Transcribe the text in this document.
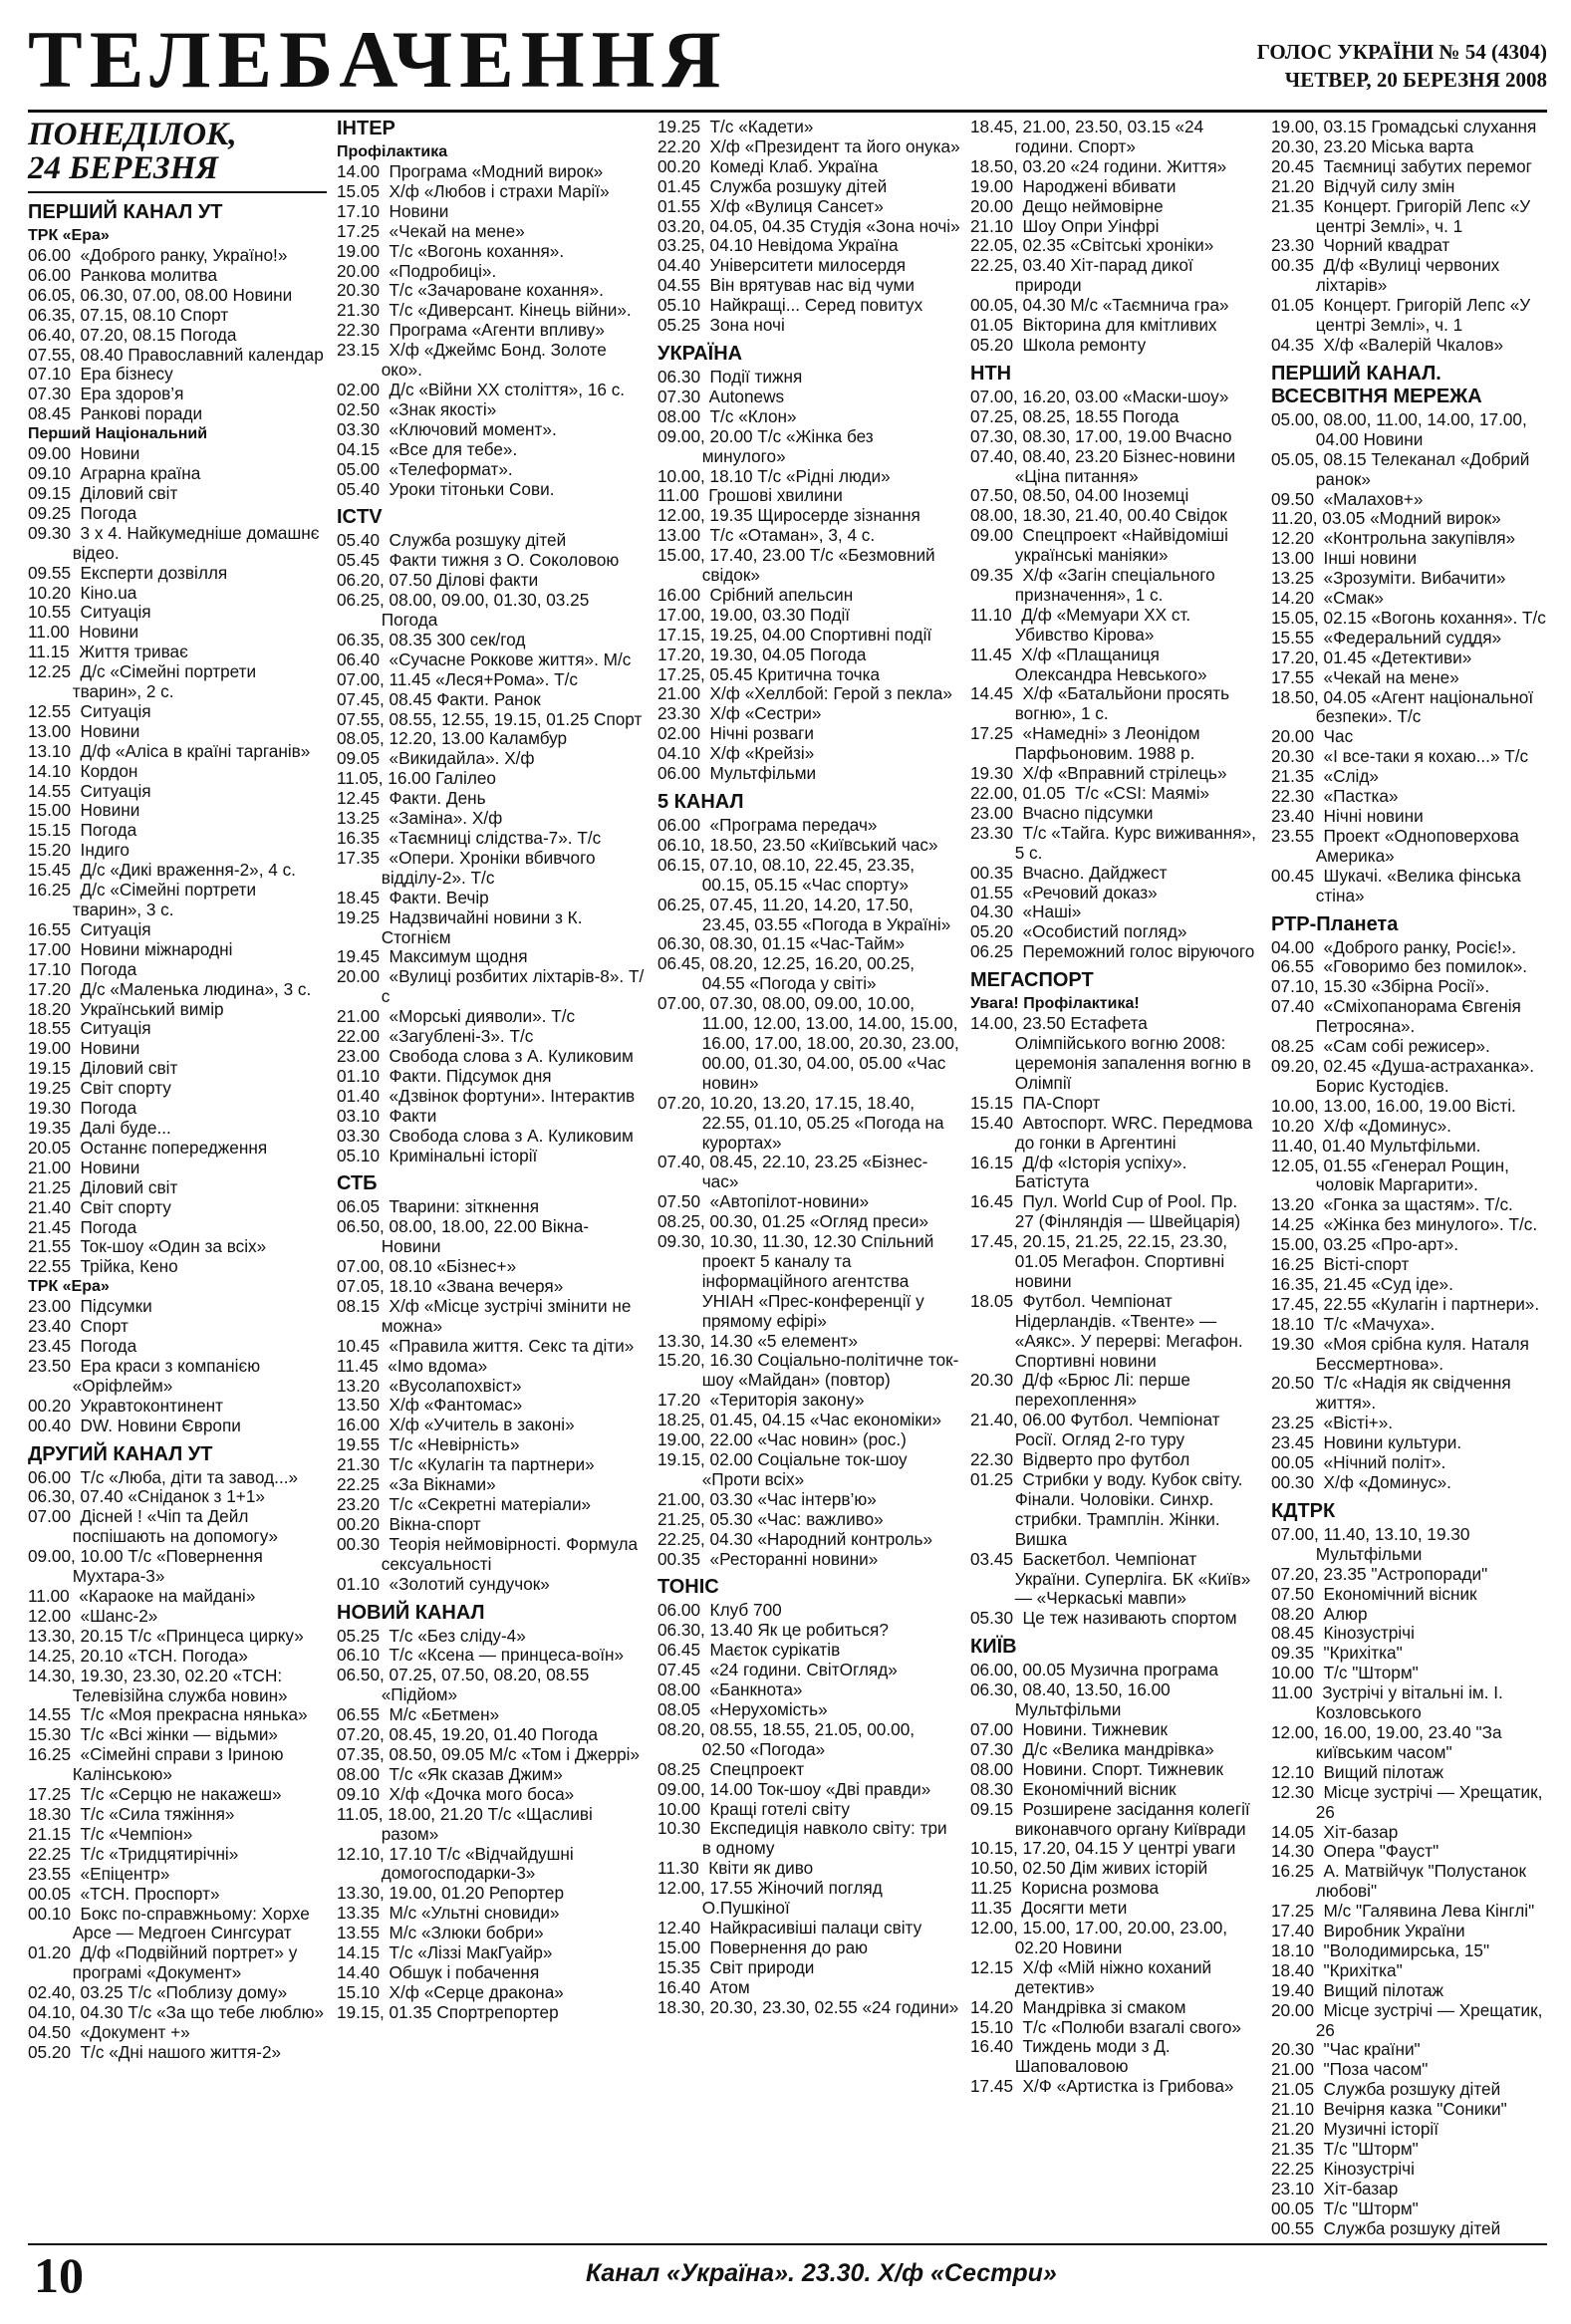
ТЕЛЕБАЧЕННЯ	ГОЛОС УКРАЇНИ № 54 (4304)
ЧЕТВЕР, 20 БЕРЕЗНЯ 2008
ПОНЕДІЛОК,
24 БЕРЕЗНЯ
ПЕРШИЙ КАНАЛ УТ
ТРК «Ера»
06.00  «Доброго ранку, Україно!»
06.00  Ранкова молитва
06.05, 06.30, 07.00, 08.00 Новини
06.35, 07.15, 08.10 Спорт
06.40, 07.20, 08.15 Погода
07.55, 08.40 Православний календар
07.10  Ера бізнесу
07.30  Ера здоров’я
08.45  Ранкові поради
Перший Національний
09.00  Новини
09.10  Аграрна країна
09.15  Діловий світ
09.25  Погода
09.30  3 х 4. Найкумедніше домашнє відео.
09.55  Експерти дозвілля
10.20  Кіно.ua
10.55  Ситуація
11.00  Новини
11.15  Життя триває
12.25  Д/с «Сімейні портрети тварин», 2 с.
12.55  Ситуація
13.00  Новини
13.10  Д/ф «Аліса в країні тарганів»
14.10  Кордон
14.55  Ситуація
15.00  Новини
15.15  Погода
15.20  Індиго
15.45  Д/с «Дикі враження-2», 4 с.
16.25  Д/с «Сімейні портрети тварин», 3 с.
16.55  Ситуація
17.00  Новини міжнародні
17.10  Погода
17.20  Д/с «Маленька людина», 3 с.
18.20  Український вимір
18.55  Ситуація
19.00  Новини
19.15  Діловий світ
19.25  Світ спорту
19.30  Погода
19.35  Далі буде...
20.05  Останнє попередження
21.00  Новини
21.25  Діловий світ
21.40  Світ спорту
21.45  Погода
21.55  Ток-шоу «Один за всіх»
22.55  Трійка, Кено
ТРК «Ера»
23.00  Підсумки
23.40  Спорт
23.45  Погода
23.50  Ера краси з компанією «Оріфлейм»
00.20  Укравтоконтинент
00.40  DW. Новини Європи
ДРУГИЙ КАНАЛ УТ
06.00  Т/с «Люба, діти та завод...»
06.30, 07.40 «Сніданок з 1+1»
07.00  Дісней ! «Чіп та Дейл поспішають на допомогу»
09.00, 10.00 Т/с «Повернення Мухтара-3»
11.00  «Караоке на майдані»
12.00  «Шанс-2»
13.30, 20.15 Т/с «Принцеса цирку»
14.25, 20.10 «ТСН. Погода»
14.30, 19.30, 23.30, 02.20 «ТСН: Телевізійна служба новин»
14.55  Т/с «Моя прекрасна нянька»
15.30  Т/с «Всі жінки — відьми»
16.25  «Сімейні справи з Іриною Калінською»
17.25  Т/с «Серцю не накажеш»
18.30  Т/с «Сила тяжіння»
21.15  Т/с «Чемпіон»
22.25  Т/с «Тридцятирічні»
23.55  «Епіцентр»
00.05  «ТСН. Проспорт»
00.10  Бокс по-справжньому: Хорхе Арсе — Медгоен Сингсурат
01.20  Д/ф «Подвійний портрет» у програмі «Документ»
02.40, 03.25 Т/с «Поблизу дому»
04.10, 04.30 Т/с «За що тебе люблю»
04.50  «Документ +»
05.20  Т/с «Дні нашого життя-2»
ІНТЕР
Профілактика
14.00  Програма «Модний вирок»
15.05  Х/ф «Любов і страхи Марії»
17.10  Новини
17.25  «Чекай на мене»
19.00  Т/с «Вогонь кохання».
20.00  «Подробиці».
20.30  Т/с «Зачароване кохання».
21.30  Т/с «Диверсант. Кінець війни».
22.30  Програма «Агенти впливу»
23.15  Х/ф «Джеймс Бонд. Золоте око».
02.00  Д/с «Війни ХХ століття», 16 с.
02.50  «Знак якості»
03.30  «Ключовий момент».
04.15  «Все для тебе».
05.00  «Телеформат».
05.40  Уроки тітоньки Сови.
ICTV
05.40  Служба розшуку дітей
05.45  Факти тижня з О. Соколовою
06.20, 07.50 Ділові факти
06.25, 08.00, 09.00, 01.30, 03.25 Погода
06.35, 08.35 300 сек/год
06.40  «Сучасне Роккове життя». М/с
07.00, 11.45 «Леся+Рома». Т/с
07.45, 08.45 Факти. Ранок
07.55, 08.55, 12.55, 19.15, 01.25 Спорт
08.05, 12.20, 13.00 Каламбур
09.05  «Викидайла». Х/ф
11.05, 16.00 Галілео
12.45  Факти. День
13.25  «Заміна». Х/ф
16.35  «Таємниці слідства-7». Т/с
17.35  «Опери. Хроніки вбивчого відділу-2». Т/с
18.45  Факти. Вечір
19.25  Надзвичайні новини з К. Стогнієм
19.45  Максимум щодня
20.00  «Вулиці розбитих ліхтарів-8». Т/с
21.00  «Морські дияволи». Т/с
22.00  «Загублені-3». Т/с
23.00  Свобода слова з А. Куликовим
01.10  Факти. Підсумок дня
01.40  «Дзвінок фортуни». Інтерактив
03.10  Факти
03.30  Свобода слова з А. Куликовим
05.10  Кримінальні історії
СТБ
06.05  Тварини: зіткнення
06.50, 08.00, 18.00, 22.00 Вікна-Новини
07.00, 08.10 «Бізнес+»
07.05, 18.10 «Звана вечеря»
08.15  Х/ф «Місце зустрічі змінити не можна»
10.45  «Правила життя. Секс та діти»
11.45  «Імо вдома»
13.20  «Вусолапохвіст»
13.50  Х/ф «Фантомас»
16.00  Х/ф «Учитель в законі»
19.55  Т/с «Невірність»
21.30  Т/с «Кулагін та партнери»
22.25  «За Вікнами»
23.20  Т/с «Секретні матеріали»
00.20  Вікна-спорт
00.30  Теорія неймовірності. Формула сексуальності
01.10  «Золотий сундучок»
НОВИЙ КАНАЛ
05.25  Т/с «Без сліду-4»
06.10  Т/с «Ксена — принцеса-воїн»
06.50, 07.25, 07.50, 08.20, 08.55 «Підйом»
06.55  М/с «Бетмен»
07.20, 08.45, 19.20, 01.40 Погода
07.35, 08.50, 09.05 М/с «Том і Джеррі»
08.00  Т/с «Як сказав Джим»
09.10  Х/ф «Дочка мого боса»
11.05, 18.00, 21.20 Т/с «Щасливі разом»
12.10, 17.10 Т/с «Відчайдушні домогосподарки-3»
13.30, 19.00, 01.20 Репортер
13.35  М/с «Ультні сновиди»
13.55  М/с «Злюки бобри»
14.15  Т/с «Ліззі МакГуайр»
14.40  Обшук і побачення
15.10  Х/ф «Серце дракона»
19.15, 01.35 Спортрепортер
19.25  Т/с «Кадети»
22.20  Х/ф «Президент та його онука»
00.20  Комеді Клаб. Україна
01.45  Служба розшуку дітей
01.55  Х/ф «Вулиця Сансет»
03.20, 04.05, 04.35 Студія «Зона ночі»
03.25, 04.10 Невідома Україна
04.40  Університети милосердя
04.55  Він врятував нас від чуми
05.10  Найкращі... Серед повитух
05.25  Зона ночі
УКРАЇНА
06.30  Події тижня
07.30  Autonews
08.00  Т/с «Клон»
09.00, 20.00 Т/с «Жінка без минулого»
10.00, 18.10 Т/с «Рідні люди»
11.00  Грошові хвилини
12.00, 19.35 Щиросерде зізнання
13.00  Т/с «Отаман», 3, 4 с.
15.00, 17.40, 23.00 Т/с «Безмовний свідок»
16.00  Срібний апельсин
17.00, 19.00, 03.30 Події
17.15, 19.25, 04.00 Спортивні події
17.20, 19.30, 04.05 Погода
17.25, 05.45 Критична точка
21.00  Х/ф «Хеллбой: Герой з пекла»
23.30  Х/ф «Сестри»
02.00  Нічні розваги
04.10  Х/ф «Крейзі»
06.00  Мультфільми
5 КАНАЛ
06.00  «Програма передач»
06.10, 18.50, 23.50 «Київський час»
06.15, 07.10, 08.10, 22.45, 23.35, 00.15, 05.15 «Час спорту»
06.25, 07.45, 11.20, 14.20, 17.50, 23.45, 03.55 «Погода в Україні»
06.30, 08.30, 01.15 «Час-Тайм»
06.45, 08.20, 12.25, 16.20, 00.25, 04.55 «Погода у світі»
07.00, 07.30, 08.00, 09.00, 10.00, 11.00, 12.00, 13.00, 14.00, 15.00, 16.00, 17.00, 18.00, 20.30, 23.00, 00.00, 01.30, 04.00, 05.00 «Час новин»
07.20, 10.20, 13.20, 17.15, 18.40, 22.55, 01.10, 05.25 «Погода на курортах»
07.40, 08.45, 22.10, 23.25 «Бізнес-час»
07.50  «Автопілот-новини»
08.25, 00.30, 01.25 «Огляд преси»
09.30, 10.30, 11.30, 12.30 Спільний проект 5 каналу та інформаційного агентства УНІАН «Прес-конференції у прямому ефірі»
13.30, 14.30 «5 елемент»
15.20, 16.30 Соціально-політичне ток-шоу «Майдан» (повтор)
17.20  «Територія закону»
18.25, 01.45, 04.15 «Час економіки»
19.00, 22.00 «Час новин» (рос.)
19.15, 02.00 Соціальне ток-шоу «Проти всіх»
21.00, 03.30 «Час інтерв’ю»
21.25, 05.30 «Час: важливо»
22.25, 04.30 «Народний контроль»
00.35  «Ресторанні новини»
ТОНІС
06.00  Клуб 700
06.30, 13.40 Як це робиться?
06.45  Маєток сурікатів
07.45  «24 години. СвітОгляд»
08.00  «Банкнота»
08.05  «Нерухомість»
08.20, 08.55, 18.55, 21.05, 00.00, 02.50 «Погода»
08.25  Спецпроект
09.00, 14.00 Ток-шоу «Дві правди»
10.00  Кращі готелі світу
10.30  Експедиція навколо світу: три в одному
11.30  Квіти як диво
12.00, 17.55 Жіночий погляд О.Пушкіної
12.40  Найкрасивіші палаци світу
15.00  Повернення до раю
15.35  Світ природи
16.40  Атом
18.30, 20.30, 23.30, 02.55 «24 години»
18.45, 21.00, 23.50, 03.15 «24 години. Спорт»
18.50, 03.20 «24 години. Життя»
19.00  Народжені вбивати
20.00  Дещо неймовірне
21.10  Шоу Опри Уінфрі
22.05, 02.35 «Світські хроніки»
22.25, 03.40 Хіт-парад дикої природи
00.05, 04.30 М/с «Таємнича гра»
01.05  Вікторина для кмітливих
05.20  Школа ремонту
НТН
07.00, 16.20, 03.00 «Маски-шоу»
07.25, 08.25, 18.55 Погода
07.30, 08.30, 17.00, 19.00 Вчасно
07.40, 08.40, 23.20 Бізнес-новини «Ціна питання»
07.50, 08.50, 04.00 Іноземці
08.00, 18.30, 21.40, 00.40 Свідок
09.00  Спецпроект «Найвідоміші українські маніяки»
09.35  Х/ф «Загін спеціального призначення», 1 с.
11.10  Д/ф «Мемуари ХХ ст. Убивство Кірова»
11.45  Х/ф «Плащаниця Олександра Невського»
14.45  Х/ф «Батальйони просять вогню», 1 с.
17.25  «Намедні» з Леонідом Парфьоновим. 1988 р.
19.30  Х/ф «Вправний стрілець»
22.00, 01.05  Т/с «CSI: Маямі»
23.00  Вчасно підсумки
23.30  Т/с «Тайга. Курс виживання», 5 с.
00.35  Вчасно. Дайджест
01.55  «Речовий доказ»
04.30  «Наші»
05.20  «Особистий погляд»
06.25  Переможний голос віруючого
МЕГАСПОРТ
Увага! Профілактика!
14.00, 23.50 Естафета Олімпійського вогню 2008: церемонія запалення вогню в Олімпії
15.15  ПА-Спорт
15.40  Автоспорт. WRC. Передмова до гонки в Аргентині
16.15  Д/ф «Історія успіху». Батістута
16.45  Пул. World Cup of Pool. Пр. 27 (Фінляндія — Швейцарія)
17.45, 20.15, 21.25, 22.15, 23.30, 01.05 Мегафон. Спортивні новини
18.05  Футбол. Чемпіонат Нідерландів. «Твенте» — «Аякс». У перерві: Мегафон. Спортивні новини
20.30  Д/ф «Брюс Лі: перше перехоплення»
21.40, 06.00 Футбол. Чемпіонат Росії. Огляд 2-го туру
22.30  Відверто про футбол
01.25  Стрибки у воду. Кубок світу. Фінали. Чоловіки. Синхр. стрибки. Трамплін. Жінки. Вишка
03.45  Баскетбол. Чемпіонат України. Суперліга. БК «Київ» — «Черкаські мавпи»
05.30  Це теж називають спортом
КИЇВ
06.00, 00.05 Музична програма
06.30, 08.40, 13.50, 16.00 Мультфільми
07.00  Новини. Тижневик
07.30  Д/с «Велика мандрівка»
08.00  Новини. Спорт. Тижневик
08.30  Економічний вісник
09.15  Розширене засідання колегії виконавчого органу Київради
10.15, 17.20, 04.15 У центрі уваги
10.50, 02.50 Дім живих історій
11.25  Корисна розмова
11.35  Досягти мети
12.00, 15.00, 17.00, 20.00, 23.00, 02.20 Новини
12.15  Х/ф «Мій ніжно коханий детектив»
14.20  Мандрівка зі смаком
15.10  Т/с «Полюби взагалі свого»
16.40  Тиждень моди з Д. Шаповаловою
17.45  Х/Ф «Артистка із Грибова»
19.00, 03.15 Громадські слухання
20.30, 23.20 Міська варта
20.45  Таємниці забутих перемог
21.20  Відчуй силу змін
21.35  Концерт. Григорій Лепс «У центрі Землі», ч. 1
23.30  Чорний квадрат
00.35  Д/ф «Вулиці червоних ліхтарів»
01.05  Концерт. Григорій Лепс «У центрі Землі», ч. 1
04.35  Х/ф «Валерій Чкалов»
ПЕРШИЙ КАНАЛ. ВСЕСВІТНЯ МЕРЕЖА
05.00, 08.00, 11.00, 14.00, 17.00, 04.00 Новини
05.05, 08.15 Телеканал «Добрий ранок»
09.50  «Малахов+»
11.20, 03.05 «Модний вирок»
12.20  «Контрольна закупівля»
13.00  Інші новини
13.25  «Зрозуміти. Вибачити»
14.20  «Смак»
15.05, 02.15 «Вогонь кохання». Т/с
15.55  «Федеральний суддя»
17.20, 01.45 «Детективи»
17.55  «Чекай на мене»
18.50, 04.05 «Агент національної безпеки». Т/с
20.00  Час
20.30  «І все-таки я кохаю...» Т/с
21.35  «Слід»
22.30  «Пастка»
23.40  Нічні новини
23.55  Проект «Одноповерхова Америка»
00.45  Шукачі. «Велика фінська стіна»
РТР-Планета
04.00  «Доброго ранку, Росіє!».
06.55  «Говоримо без помилок».
07.10, 15.30 «Збірна Росії».
07.40  «Сміхопанорама Євгенія Петросяна».
08.25  «Сам собі режисер».
09.20, 02.45 «Душа-астраханка». Борис Кустодієв.
10.00, 13.00, 16.00, 19.00 Вісті.
10.20  Х/ф «Доминус».
11.40, 01.40 Мультфільми.
12.05, 01.55 «Генерал Рощин, чоловік Маргарити».
13.20  «Гонка за щастям». Т/с.
14.25  «Жінка без минулого». Т/с.
15.00, 03.25 «Про-арт».
16.25  Вісті-спорт
16.35, 21.45 «Суд іде».
17.45, 22.55 «Кулагін і партнери».
18.10  Т/с «Мачуха».
19.30  «Моя срібна куля. Наталя Бессмертнова».
20.50  Т/с «Надія як свідчення життя».
23.25  «Вісті+».
23.45  Новини культури.
00.05  «Нічний політ».
00.30  Х/ф «Доминус».
КДТРК
07.00, 11.40, 13.10, 19.30 Мультфільми
07.20, 23.35 "Астропоради"
07.50  Економічний вісник
08.20  Алюр
08.45  Кінозустрічі
09.35  "Крихітка"
10.00  Т/с "Шторм"
11.00  Зустрічі у вітальні ім. І. Козловського
12.00, 16.00, 19.00, 23.40 "За київським часом"
12.10  Вищий пілотаж
12.30  Місце зустрічі — Хрещатик, 26
14.05  Хіт-базар
14.30  Опера "Фауст"
16.25  А. Матвійчук "Полустанок любові"
17.25  М/с "Галявина Лева Кінглі"
17.40  Виробник України
18.10  "Володимирська, 15"
18.40  "Крихітка"
19.40  Вищий пілотаж
20.00  Місце зустрічі — Хрещатик, 26
20.30  "Час країни"
21.00  "Поза часом"
21.05  Служба розшуку дітей
21.10  Вечірня казка "Соники"
21.20  Музичні історії
21.35  Т/с "Шторм"
22.25  Кінозустрічі
23.10  Хіт-базар
00.05  Т/с "Шторм"
00.55  Служба розшуку дітей
10	Канал «Україна». 23.30. Х/ф «Сестри»
